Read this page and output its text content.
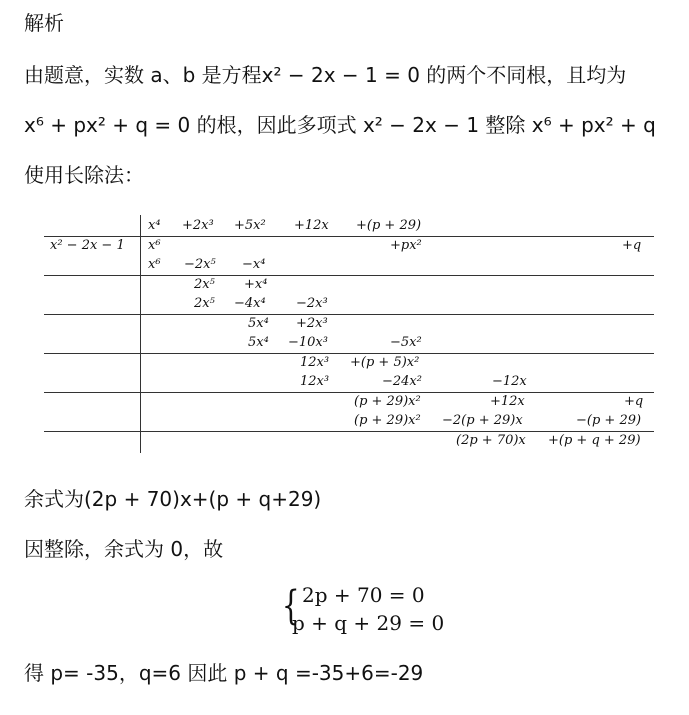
解析
由题意，实数 a、b 是方程x² − 2x − 1 = 0 的两个不同根，且均为
x⁶ + px² + q = 0 的根，因此多项式 x² − 2x − 1 整除 x⁶ + px² + q
使用长除法：
x⁴ +2x³ +5x² +12x +(p + 29)
x² − 2x − 1 x⁶	+px²	+q
x⁶ −2x⁵ −x⁴
2x⁵ +x⁴
2x⁵ −4x⁴ −2x³
5x⁴ +2x³
5x⁴ −10x³	−5x²
12x³ +(p + 5)x²
12x³	−24x²	−12x
(p + 29)x²	+12x	+q
(p + 29)x² −2(p + 29)x	−(p + 29)
(2p + 70)x +(p + q + 29)
余式为(2p + 70)x+(p + q+29)
因整除，余式为 0，故
{ 2p + 70 = 0
p + q + 29 = 0
得 p= -35，q=6 因此 p + q =-35+6=-29
